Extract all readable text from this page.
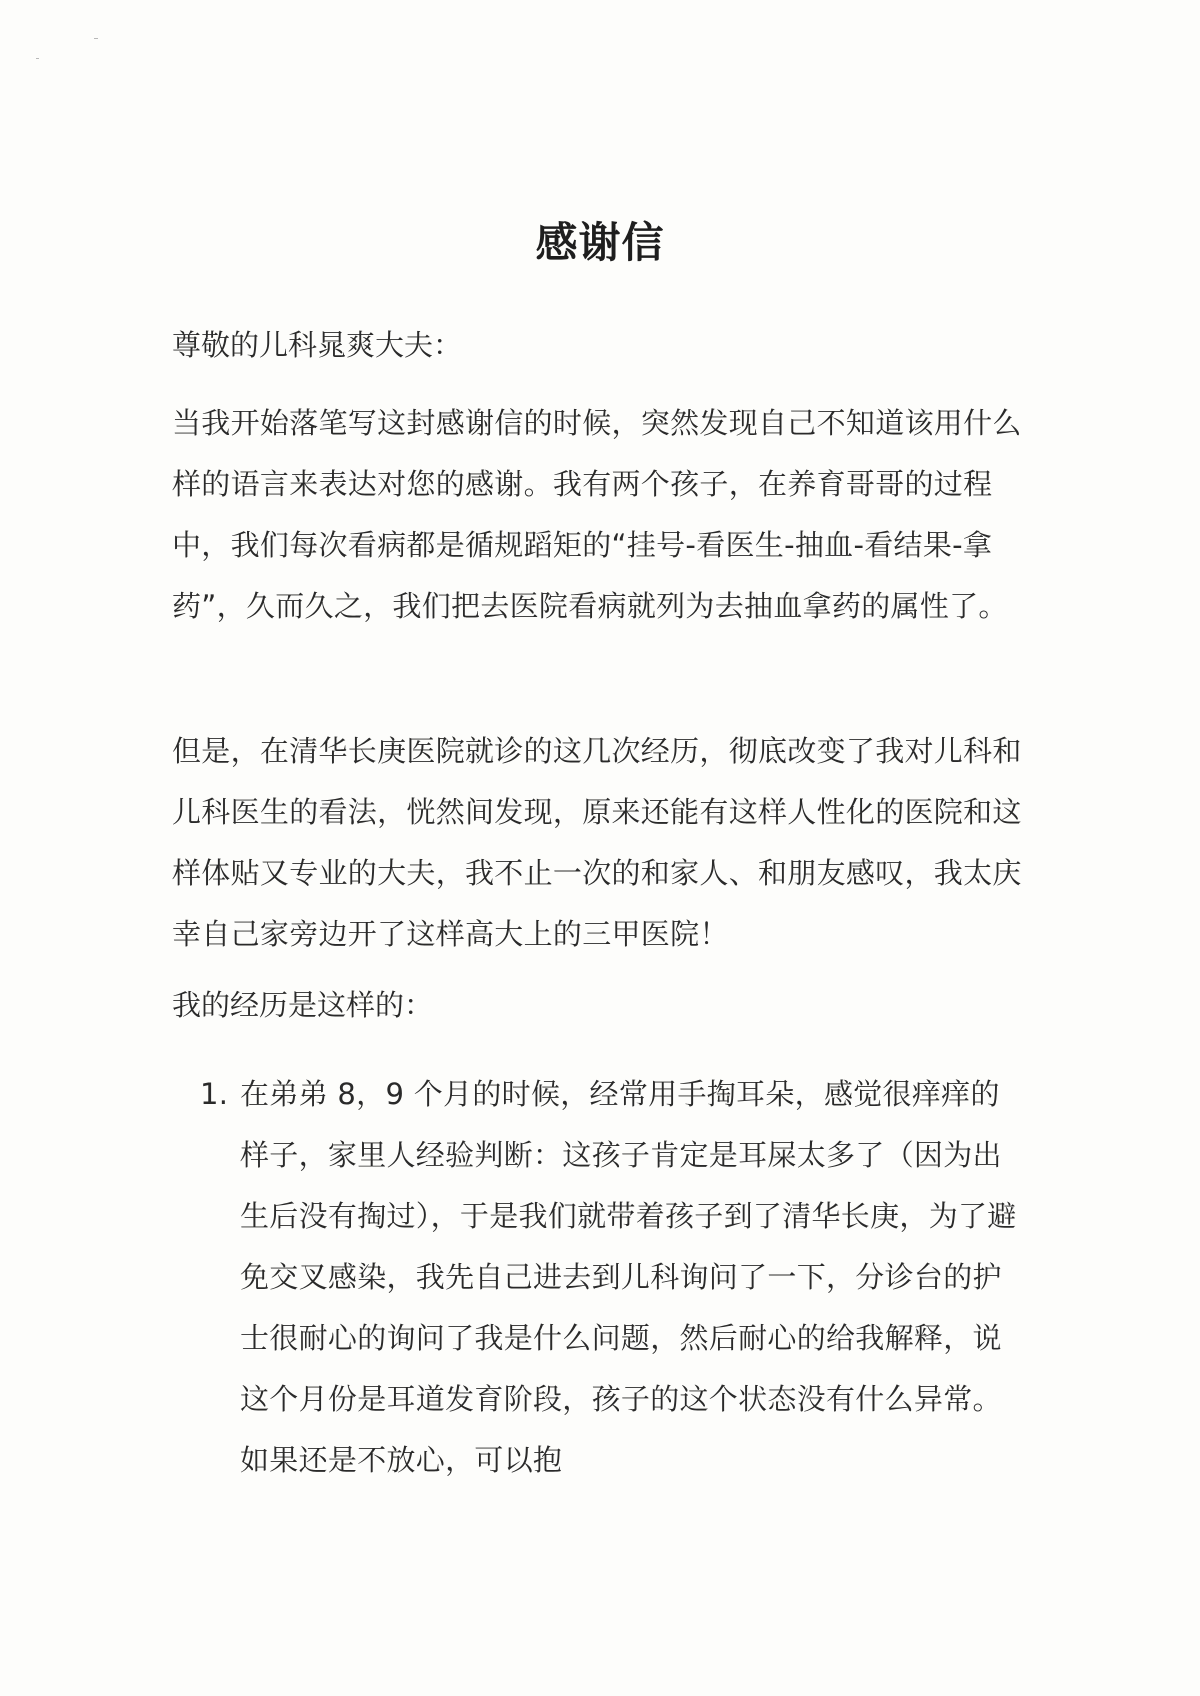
感谢信
尊敬的儿科晁爽大夫：
当我开始落笔写这封感谢信的时候，突然发现自己不知道该用什么样的语言来表达对您的感谢。我有两个孩子，在养育哥哥的过程中，我们每次看病都是循规蹈矩的“挂号-看医生-抽血-看结果-拿药”，久而久之，我们把去医院看病就列为去抽血拿药的属性了。
但是，在清华长庚医院就诊的这几次经历，彻底改变了我对儿科和儿科医生的看法，恍然间发现，原来还能有这样人性化的医院和这样体贴又专业的大夫，我不止一次的和家人、和朋友感叹，我太庆幸自己家旁边开了这样高大上的三甲医院！
我的经历是这样的：
1. 在弟弟 8，9 个月的时候，经常用手掏耳朵，感觉很痒痒的样子，家里人经验判断：这孩子肯定是耳屎太多了（因为出生后没有掏过），于是我们就带着孩子到了清华长庚，为了避免交叉感染，我先自己进去到儿科询问了一下，分诊台的护士很耐心的询问了我是什么问题，然后耐心的给我解释，说这个月份是耳道发育阶段，孩子的这个状态没有什么异常。如果还是不放心，可以抱
